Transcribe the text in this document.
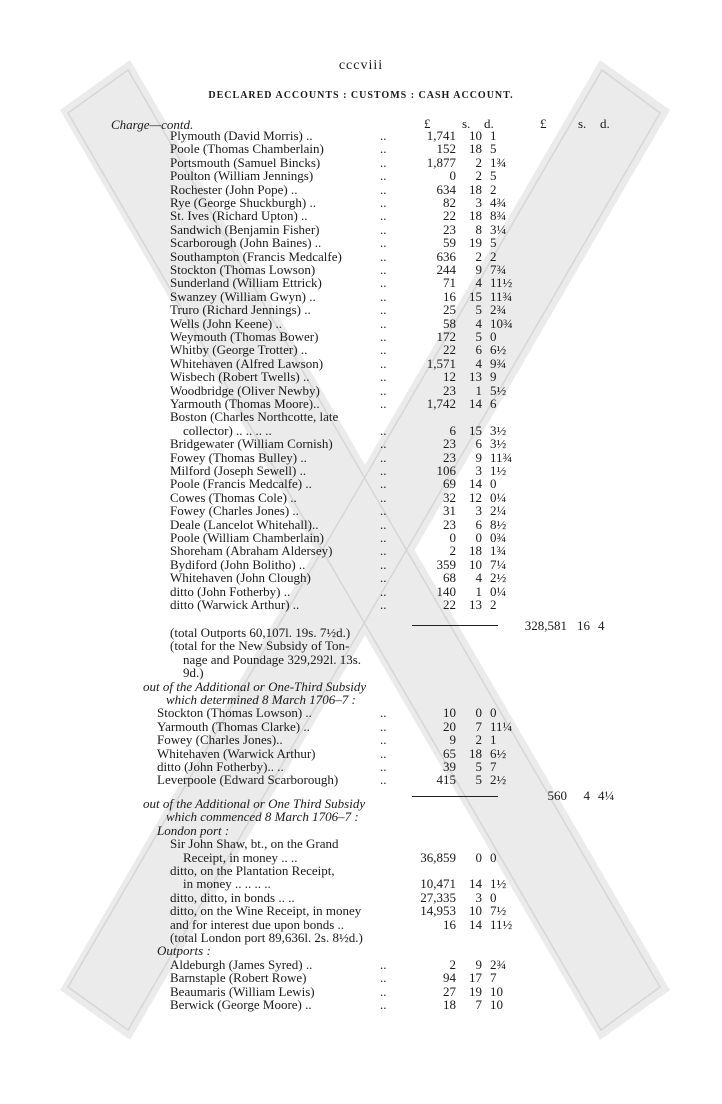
cccviii
DECLARED ACCOUNTS : CUSTOMS : CASH ACCOUNT.
£ s. d.	£ s. d.
Charge—contd.
Plymouth (David Morris) ..	..	1,741 10 1
Poole (Thomas Chamberlain)	..	152 18 5
Portsmouth (Samuel Bincks)	..	1,877 2 1¾
Poulton (William Jennings)	..	0 2 5
Rochester (John Pope) ..	..	634 18 2
Rye (George Shuckburgh) ..	..	82 3 4¾
St. Ives (Richard Upton) ..	..	22 18 8¾
Sandwich (Benjamin Fisher)	..	23 8 3¼
Scarborough (John Baines) ..	..	59 19 5
Southampton (Francis Medcalfe)	..	636 2 2
Stockton (Thomas Lowson)	..	244 9 7¾
Sunderland (William Ettrick)	..	71 4 11½
Swanzey (William Gwyn) ..	..	16 15 11¾
Truro (Richard Jennings) ..	..	25 5 2¾
Wells (John Keene) ..	..	58 4 10¾
Weymouth (Thomas Bower)	..	172 5 0
Whitby (George Trotter) ..	..	22 6 6½
Whitehaven (Alfred Lawson)	..	1,571 4 9¾
Wisbech (Robert Twells) ..	..	12 13 9
Woodbridge (Oliver Newby)	..	23 1 5½
Yarmouth (Thomas Moore)..	..	1,742 14 6
Boston (Charles Northcotte, late
collector) .. .. .. ..	..	6 15 3½
Bridgewater (William Cornish)	..	23 6 3½
Fowey (Thomas Bulley) ..	..	23 9 11¾
Milford (Joseph Sewell) ..	..	106 3 1½
Poole (Francis Medcalfe) ..	..	69 14 0
Cowes (Thomas Cole) ..	..	32 12 0¼
Fowey (Charles Jones) ..	..	31 3 2¼
Deale (Lancelot Whitehall)..	..	23 6 8½
Poole (William Chamberlain)	..	0 0 0¾
Shoreham (Abraham Aldersey)	..	2 18 1¾
Bydiford (John Bolitho) ..	..	359 10 7¼
Whitehaven (John Clough)	..	68 4 2½
ditto (John Fotherby) ..	..	140 1 0¼
ditto (Warwick Arthur) ..	..	22 13 2
328,581 16 4
(total Outports 60,107l. 19s. 7½d.)
(total for the New Subsidy of Ton-
nage and Poundage 329,292l. 13s.
9d.)
out of the Additional or One-Third Subsidy
which determined 8 March 1706–7 :
Stockton (Thomas Lowson) ..	..	10 0 0
Yarmouth (Thomas Clarke) ..	..	20 7 11¼
Fowey (Charles Jones)..	..	9 2 1
Whitehaven (Warwick Arthur)	..	65 18 6½
ditto (John Fotherby).. ..	..	39 5 7
Leverpoole (Edward Scarborough)	..	415 5 2½
560 4 4¼
out of the Additional or One Third Subsidy
which commenced 8 March 1706–7 :
London port :
Sir John Shaw, bt., on the Grand
Receipt, in money .. ..	36,859 0 0
ditto, on the Plantation Receipt,
in money .. .. .. ..	10,471 14 1½
ditto, ditto, in bonds .. ..	27,335 3 0
ditto, on the Wine Receipt, in money	14,953 10 7½
and for interest due upon bonds ..	16 14 11½
(total London port 89,636l. 2s. 8½d.)
Outports :
Aldeburgh (James Syred) ..	..	2 9 2¾
Barnstaple (Robert Rowe)	..	94 17 7
Beaumaris (William Lewis)	..	27 19 10
Berwick (George Moore) ..	..	18 7 10
